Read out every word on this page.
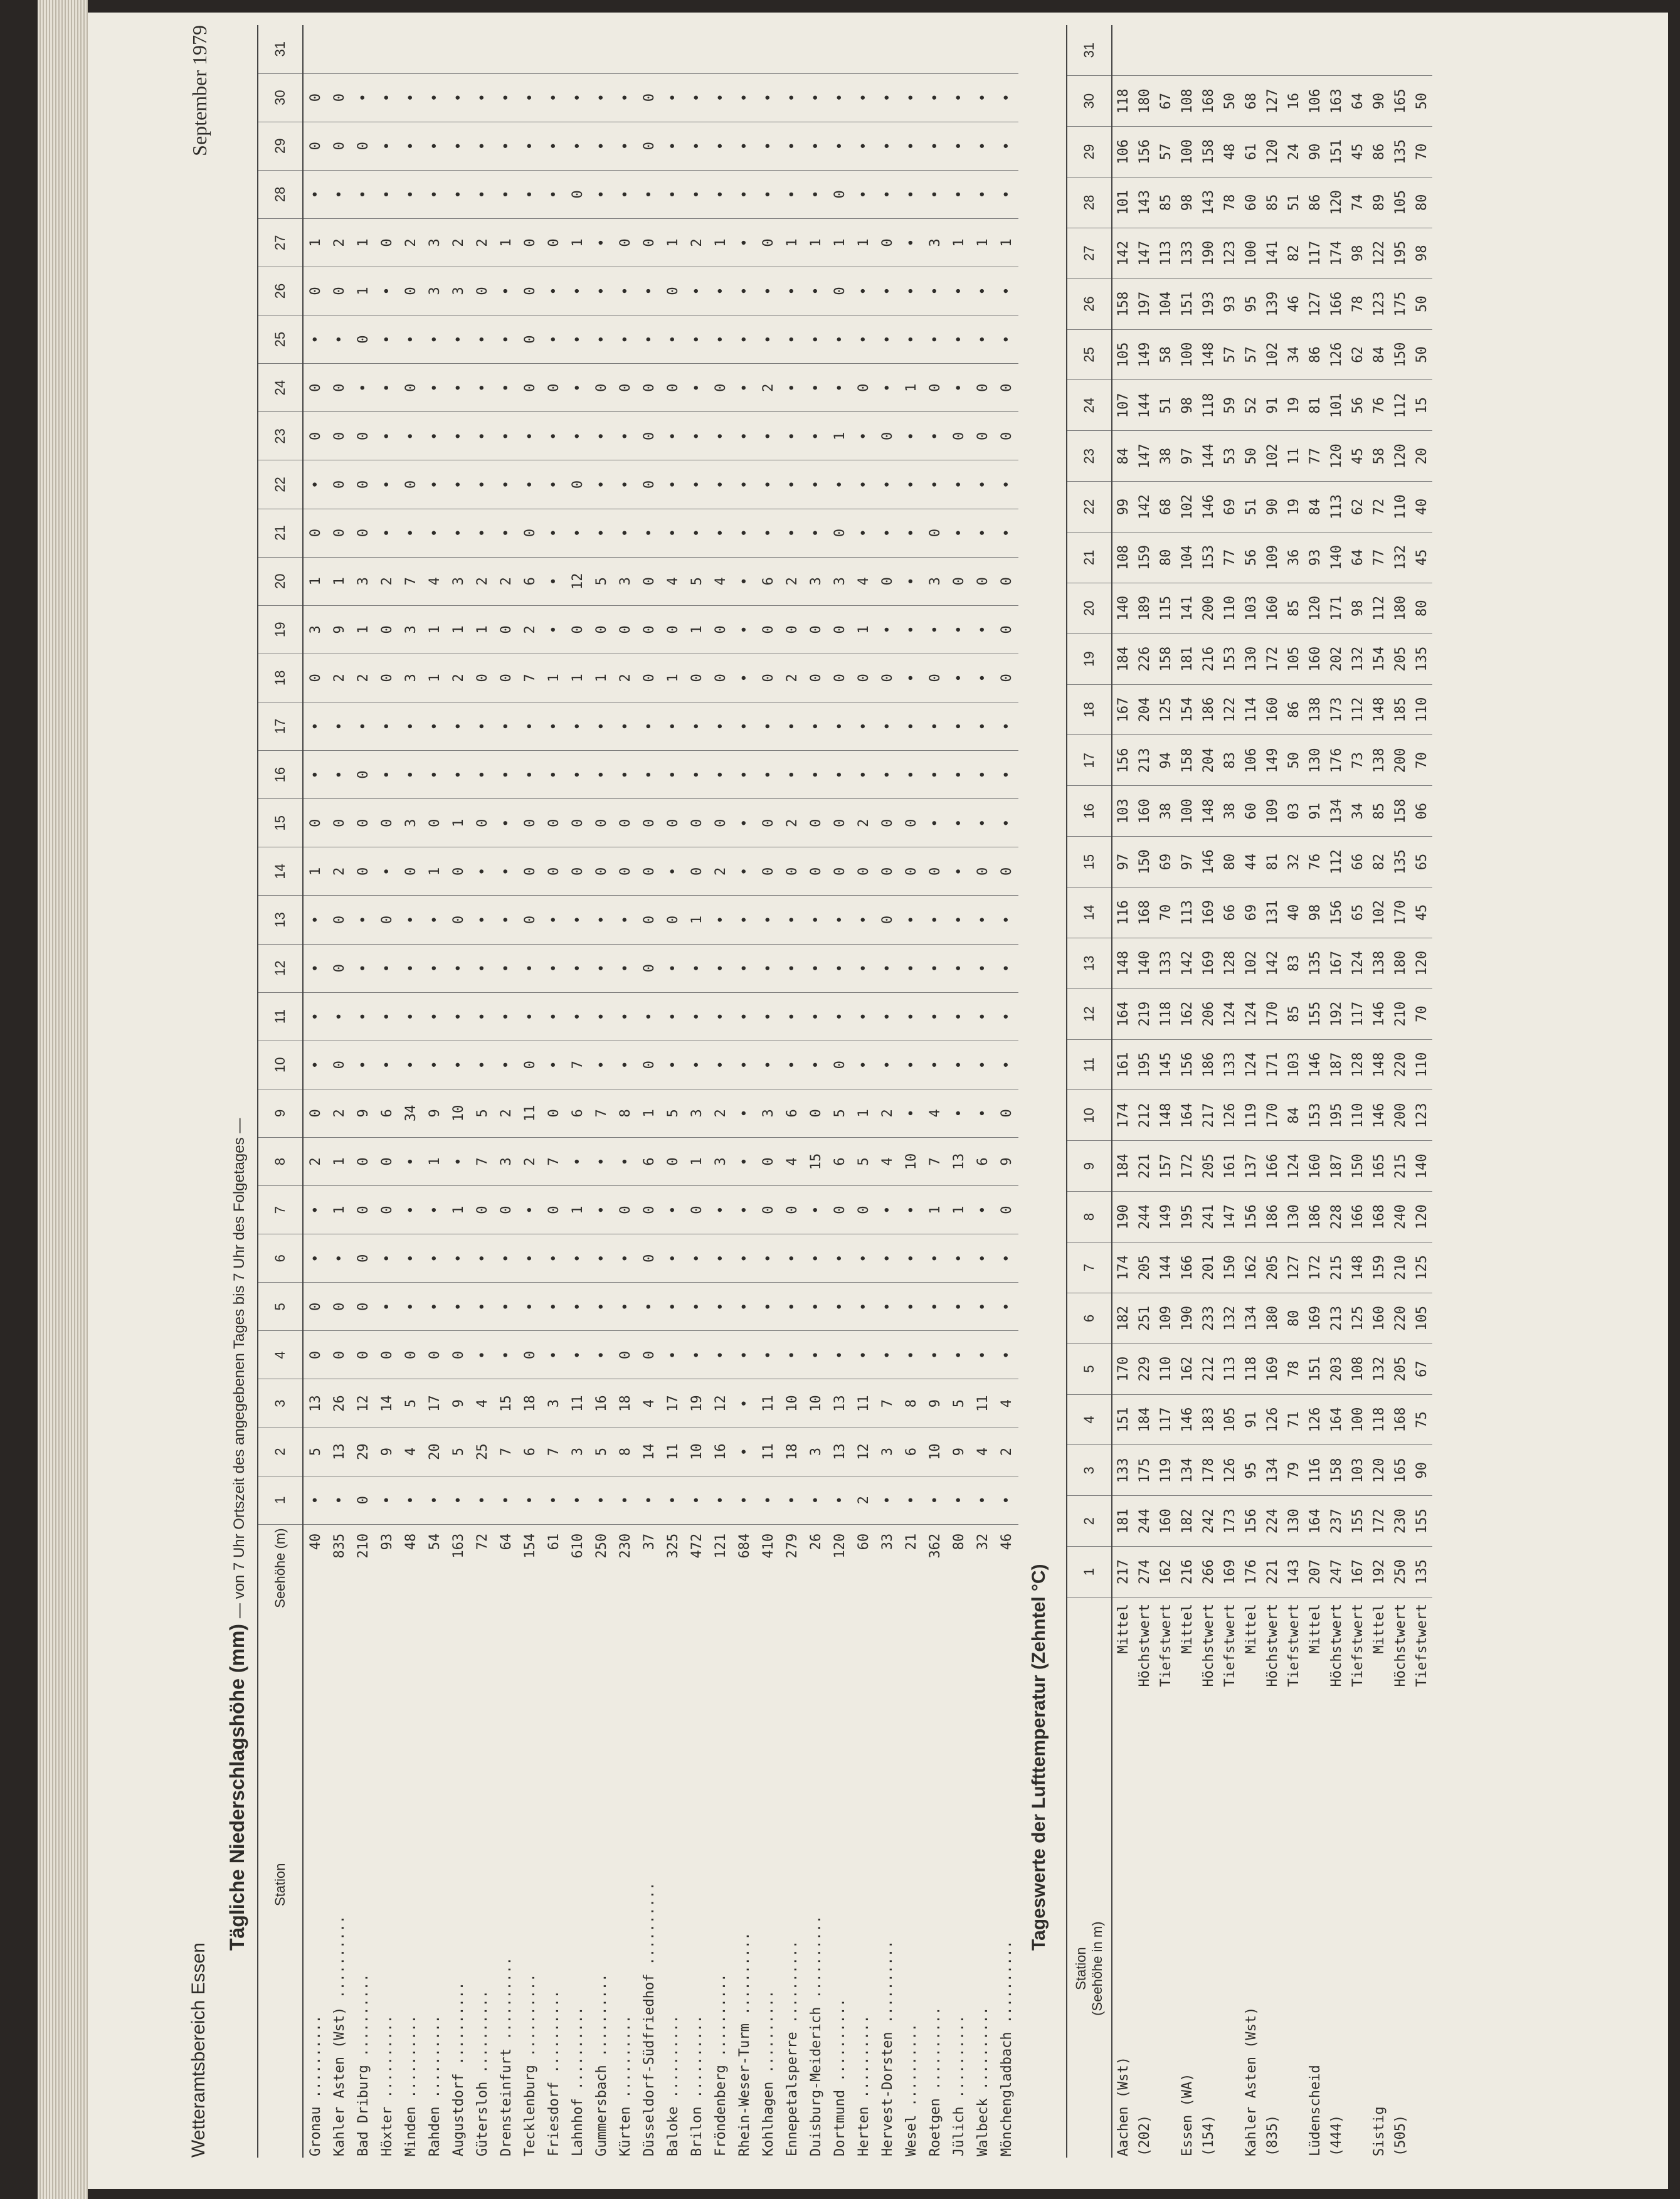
Wetteramtsbereich Essen
September 1979
Tägliche Niederschlagshöhe (mm) — von 7 Uhr Ortszeit des angegebenen Tages bis 7 Uhr des Folgetages —
Station	Seehöhe (m)	1	2	3	4	5	6	7	8	9	10	11	12	13	14	15	16	17	18	19	20	21	22	23	24	25	26	27	28	29	30	31
Gronau ..........	40	•	5	13	0	0	•	•	2	0	•	•	•	•	1	0	•	•	0	3	1	0	•	0	0	•	0	1	•	0	0	
Kahler Asten (Wst) ..........	835	•	13	26	0	0	•	1	1	2	0	•	0	0	2	0	•	•	2	9	1	0	0	0	0	•	0	2	•	0	0	
Bad Driburg ..........	210	0	29	12	0	0	0	0	0	9	•	•	•	•	0	0	0	•	2	1	3	0	0	0	•	0	1	1	•	0	•	
Höxter ..........	93	•	9	14	0	•	•	0	0	6	•	•	•	0	•	0	•	•	0	0	2	•	•	•	•	•	•	0	•	•	•	
Minden ..........	48	•	4	5	0	•	•	•	•	34	•	•	•	•	0	3	•	•	3	3	7	•	0	•	0	•	0	2	•	•	•	
Rahden ..........	54	•	20	17	0	•	•	•	1	9	•	•	•	•	1	0	•	•	1	1	4	•	•	•	•	•	3	3	•	•	•	
Augustdorf ..........	163	•	5	9	0	•	•	1	•	10	•	•	•	0	0	1	•	•	2	1	3	•	•	•	•	•	3	2	•	•	•	
Gütersloh ..........	72	•	25	4	•	•	•	0	7	5	•	•	•	•	•	0	•	•	0	1	2	•	•	•	•	•	0	2	•	•	•	
Drensteinfurt ..........	64	•	7	15	•	•	•	0	3	2	•	•	•	•	•	•	•	•	0	0	2	•	•	•	•	•	•	1	•	•	•	
Tecklenburg ..........	154	•	6	18	0	•	•	•	2	11	0	•	•	0	0	0	•	•	7	2	6	0	•	•	0	0	0	0	•	•	•	
Friesdorf ..........	61	•	7	3	•	•	•	0	7	0	•	•	•	•	0	0	•	•	1	•	•	•	•	•	0	•	•	0	•	•	•	
Lahnhof ..........	610	•	3	11	•	•	•	1	•	6	7	•	•	•	0	0	•	•	1	0	12	•	0	•	•	•	•	1	0	•	•	
Gummersbach ..........	250	•	5	16	•	•	•	•	•	7	•	•	•	•	0	0	•	•	1	0	5	•	•	•	0	•	•	•	•	•	•	
Kürten ..........	230	•	8	18	0	•	•	0	•	8	•	•	•	•	0	0	•	•	2	0	3	•	•	•	0	•	•	0	•	•	•	
Düsseldorf-Südfriedhof ..........	37	•	14	4	0	•	0	0	6	1	0	•	0	0	0	0	•	•	0	0	0	•	0	0	0	•	•	0	•	0	0	
Baloke ..........	325	•	11	17	•	•	•	•	0	5	•	•	•	0	•	0	•	•	1	0	4	•	•	•	0	•	0	1	•	•	•	
Brilon ..........	472	•	10	19	•	•	•	0	1	3	•	•	•	1	0	0	•	•	0	1	5	•	•	•	•	•	•	2	•	•	•	
Fröndenberg ..........	121	•	16	12	•	•	•	•	3	2	•	•	•	•	2	0	•	•	0	0	4	•	•	•	0	•	•	1	•	•	•	
Rhein-Weser-Turm ..........	684	•	•	•	•	•	•	•	•	•	•	•	•	•	•	•	•	•	•	•	•	•	•	•	•	•	•	•	•	•	•	
Kohlhagen ..........	410	•	11	11	•	•	•	0	0	3	•	•	•	•	0	0	•	•	0	0	6	•	•	•	2	•	•	0	•	•	•	
Ennepetalsperre ..........	279	•	18	10	•	•	•	0	4	6	•	•	•	•	0	2	•	•	2	0	2	•	•	•	•	•	•	1	•	•	•	
Duisburg-Meiderich ..........	26	•	3	10	•	•	•	•	15	0	•	•	•	•	0	0	•	•	0	0	3	•	•	•	•	•	•	1	•	•	•	
Dortmund ..........	120	•	13	13	•	•	•	0	6	5	0	•	•	•	0	0	•	•	0	0	3	0	•	1	•	•	0	1	0	•	•	
Herten ..........	60	2	12	11	•	•	•	0	5	1	•	•	•	•	0	2	•	•	0	1	4	•	•	•	0	•	•	1	•	•	•	
Hervest-Dorsten ..........	33	•	3	7	•	•	•	•	4	2	•	•	•	0	0	0	•	•	0	•	0	•	•	0	•	•	•	0	•	•	•	
Wesel ..........	21	•	6	8	•	•	•	•	10	•	•	•	•	•	0	0	•	•	•	•	•	•	•	•	1	•	•	•	•	•	•	
Roetgen ..........	362	•	10	9	•	•	•	1	7	4	•	•	•	•	0	•	•	•	0	•	3	0	•	•	0	•	•	3	•	•	•	
Jülich ..........	80	•	9	5	•	•	•	1	13	•	•	•	•	•	•	•	•	•	•	•	0	•	•	0	•	•	•	1	•	•	•	
Walbeck ..........	32	•	4	11	•	•	•	•	6	•	•	•	•	•	0	•	•	•	•	•	0	•	•	0	0	•	•	1	•	•	•	
Mönchengladbach ..........	46	•	2	4	•	•	•	0	9	0	•	•	•	•	0	•	•	•	0	0	0	•	•	0	0	•	•	1	•	•	•	
Tageswerte der Lufttemperatur (Zehntel °C)
Station
(Seehöhe in m)		1	2	3	4	5	6	7	8	9	10	11	12	13	14	15	16	17	18	19	20	21	22	23	24	25	26	27	28	29	30	31
Aachen (Wst)	Mittel	217	181	133	151	170	182	174	190	184	174	161	164	148	116	97	103	156	167	184	140	108	99	84	107	105	158	142	101	106	118	
(202)	Höchstwert	274	244	175	184	229	251	205	244	221	212	195	219	140	168	150	160	213	204	226	189	159	142	147	144	149	197	147	143	156	180	
	Tiefstwert	162	160	119	117	110	109	144	149	157	148	145	118	133	70	69	38	94	125	158	115	80	68	38	51	58	104	113	85	57	67	
Essen (WA)	Mittel	216	182	134	146	162	190	166	195	172	164	156	162	142	113	97	100	158	154	181	141	104	102	97	98	100	151	133	98	100	108	
(154)	Höchstwert	266	242	178	183	212	233	201	241	205	217	186	206	169	169	146	148	204	186	216	200	153	146	144	118	148	193	190	143	158	168	
	Tiefstwert	169	173	126	105	113	132	150	147	161	126	133	124	128	66	80	38	83	122	153	110	77	69	53	59	57	93	123	78	48	50	
Kahler Asten (Wst)	Mittel	176	156	95	91	118	134	162	156	137	119	124	124	102	69	44	60	106	114	130	103	56	51	50	52	57	95	100	60	61	68	
(835)	Höchstwert	221	224	134	126	169	180	205	186	166	170	171	170	142	131	81	109	149	160	172	160	109	90	102	91	102	139	141	85	120	127	
	Tiefstwert	143	130	79	71	78	80	127	130	124	84	103	85	83	40	32	03	50	86	105	85	36	19	11	19	34	46	82	51	24	16	
Lüdenscheid	Mittel	207	164	116	126	151	169	172	186	160	153	146	155	135	98	76	91	130	138	160	120	93	84	77	81	86	127	117	86	90	106	
(444)	Höchstwert	247	237	158	164	203	213	215	228	187	195	187	192	167	156	112	134	176	173	202	171	140	113	120	101	126	166	174	120	151	163	
	Tiefstwert	167	155	103	100	108	125	148	166	150	110	128	117	124	65	66	34	73	112	132	98	64	62	45	56	62	78	98	74	45	64	
Sistig	Mittel	192	172	120	118	132	160	159	168	165	146	148	146	138	102	82	85	138	148	154	112	77	72	58	76	84	123	122	89	86	90	
(505)	Höchstwert	250	230	165	168	205	220	210	240	215	200	220	210	180	170	135	158	200	185	205	180	132	110	120	112	150	175	195	105	135	165	
	Tiefstwert	135	155	90	75	67	105	125	120	140	123	110	70	120	45	65	06	70	110	135	80	45	40	20	15	50	50	98	80	70	50	
